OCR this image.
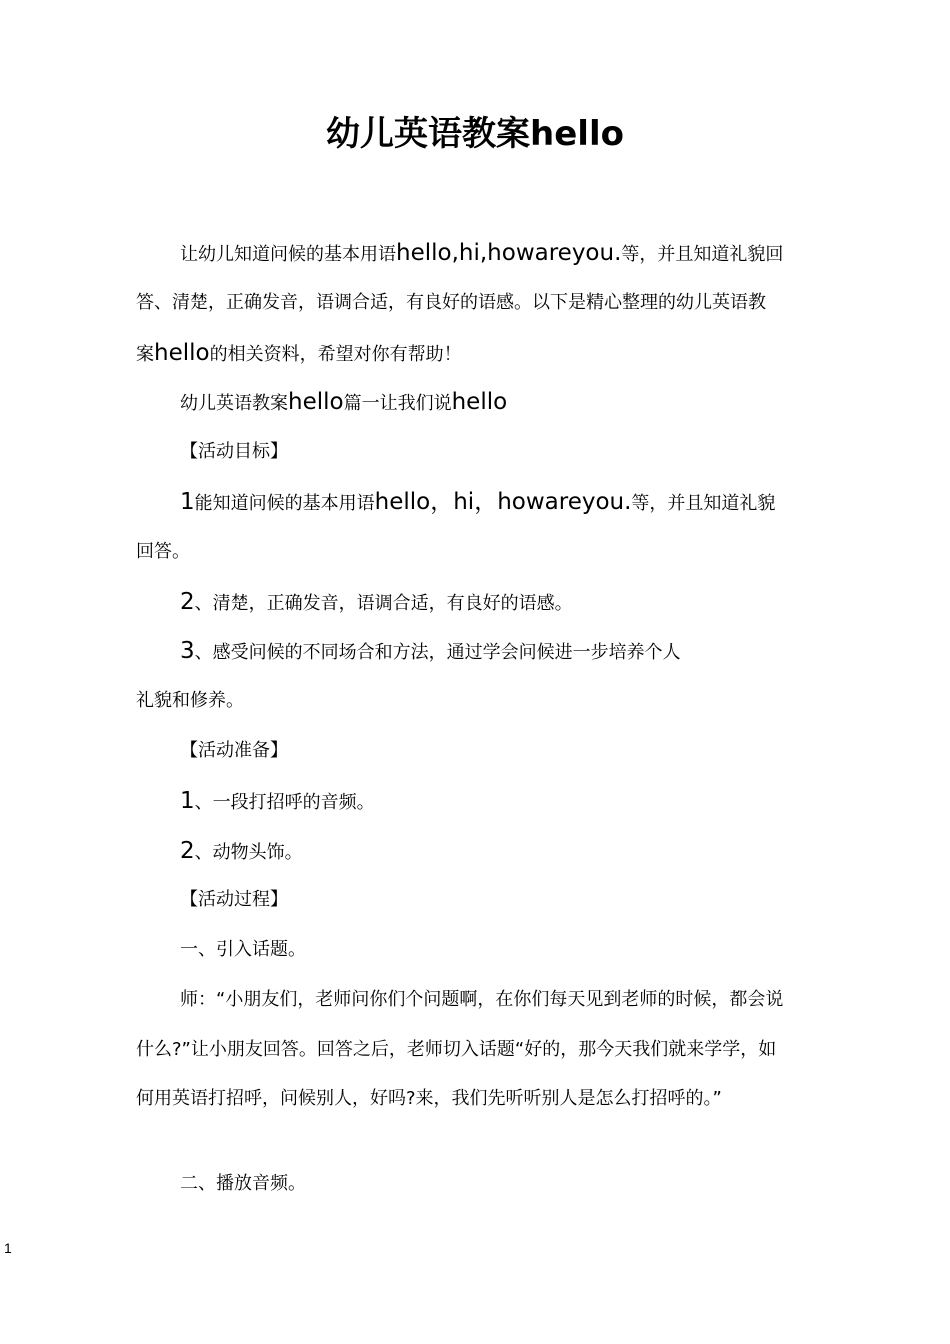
幼儿英语教案hello
让幼儿知道问候的基本用语hello,hi,howareyou.等，并且知道礼貌回
答、清楚，正确发音，语调合适，有良好的语感。以下是精心整理的幼儿英语教
案hello的相关资料，希望对你有帮助！
幼儿英语教案hello篇一让我们说hello
【活动目标】
1能知道问候的基本用语hello，hi，howareyou.等，并且知道礼貌
回答。
2、清楚，正确发音，语调合适，有良好的语感。
3、感受问候的不同场合和方法，通过学会问候进一步培养个人
礼貌和修养。
【活动准备】
1、一段打招呼的音频。
2、动物头饰。
【活动过程】
一、引入话题。
师：“小朋友们，老师问你们个问题啊，在你们每天见到老师的时候，都会说
什么?”让小朋友回答。回答之后，老师切入话题“好的，那今天我们就来学学，如
何用英语打招呼，问候别人，好吗?来，我们先听听别人是怎么打招呼的。”
二、播放音频。
1
